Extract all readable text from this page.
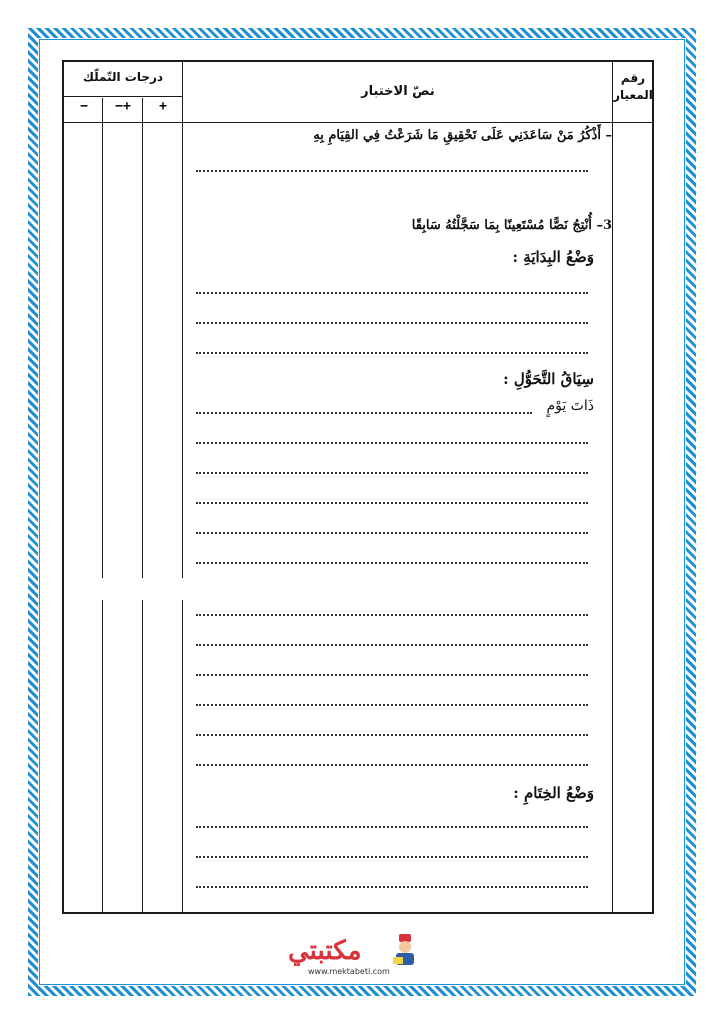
رقم
المعيار
نصّ الاختبار
درجات التّملّك
−	−+	+
– أَذْكُرُ مَنْ سَاعَدَنِي عَلَى تَحْقِيقِ مَا شَرَعْتُ فِي القِيَامِ بِهِ
3– أُنْتِجُ نَصًّا مُسْتَعِينًا بِمَا سَجَّلْتُهُ سَابِقًا
وَضْعُ البِدَايَةِ :
سِيَاقُ التَّحَوُّلِ :
ذَاتَ يَوْمٍ
وَضْعُ الخِتَامِ :
مكتبتي
www.mektabeti.com
